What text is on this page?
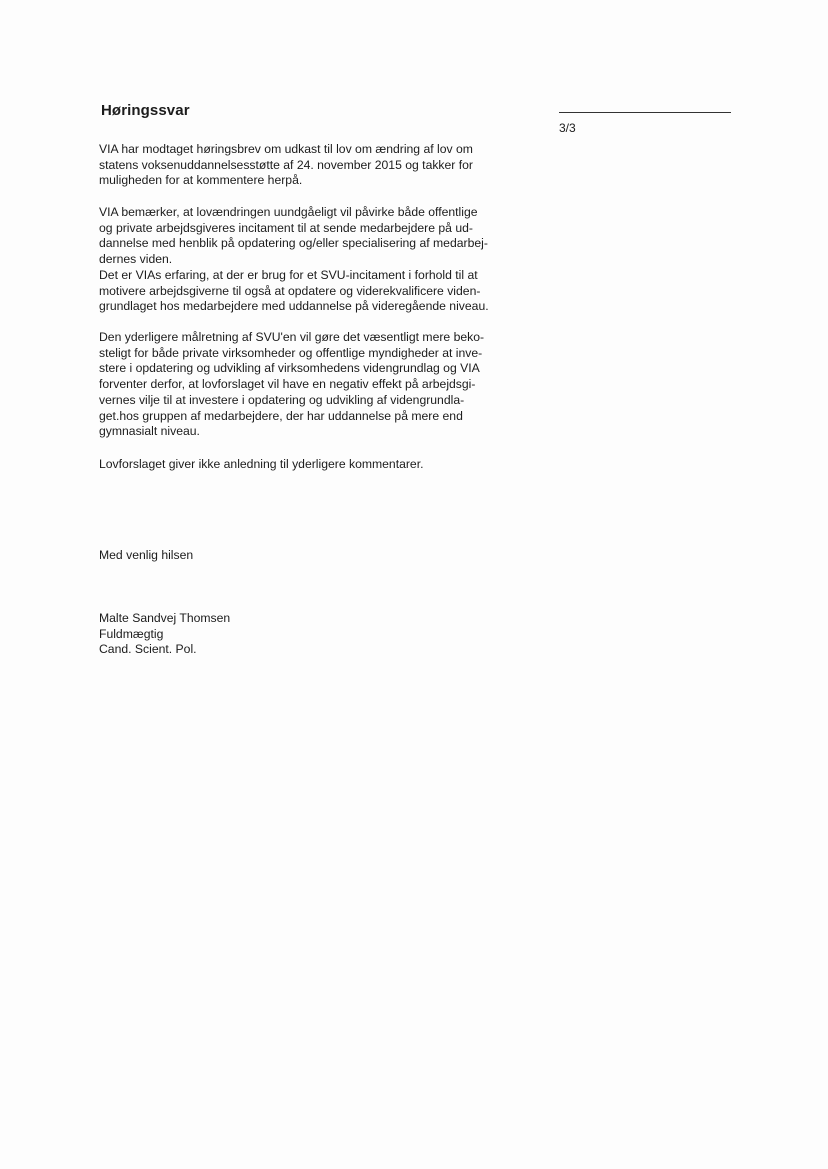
Høringssvar
3/3

VIA har modtaget høringsbrev om udkast til lov om ændring af lov om
statens voksenuddannelsesstøtte af 24. november 2015 og takker for
muligheden for at kommentere herpå.

VIA bemærker, at lovændringen uundgåeligt vil påvirke både offentlige
og private arbejdsgiveres incitament til at sende medarbejdere på ud-
dannelse med henblik på opdatering og/eller specialisering af medarbej-
dernes viden.
Det er VIAs erfaring, at der er brug for et SVU-incitament i forhold til at
motivere arbejdsgiverne til også at opdatere og viderekvalificere viden-
grundlaget hos medarbejdere med uddannelse på videregående niveau.

Den yderligere målretning af SVU'en vil gøre det væsentligt mere beko-
steligt for både private virksomheder og offentlige myndigheder at inve-
stere i opdatering og udvikling af virksomhedens videngrundlag og VIA
forventer derfor, at lovforslaget vil have en negativ effekt på arbejdsgi-
vernes vilje til at investere i opdatering og udvikling af videngrundla-
get.hos gruppen af medarbejdere, der har uddannelse på mere end
gymnasialt niveau.

Lovforslaget giver ikke anledning til yderligere kommentarer.

Med venlig hilsen

Malte Sandvej Thomsen
Fuldmægtig
Cand. Scient. Pol.
